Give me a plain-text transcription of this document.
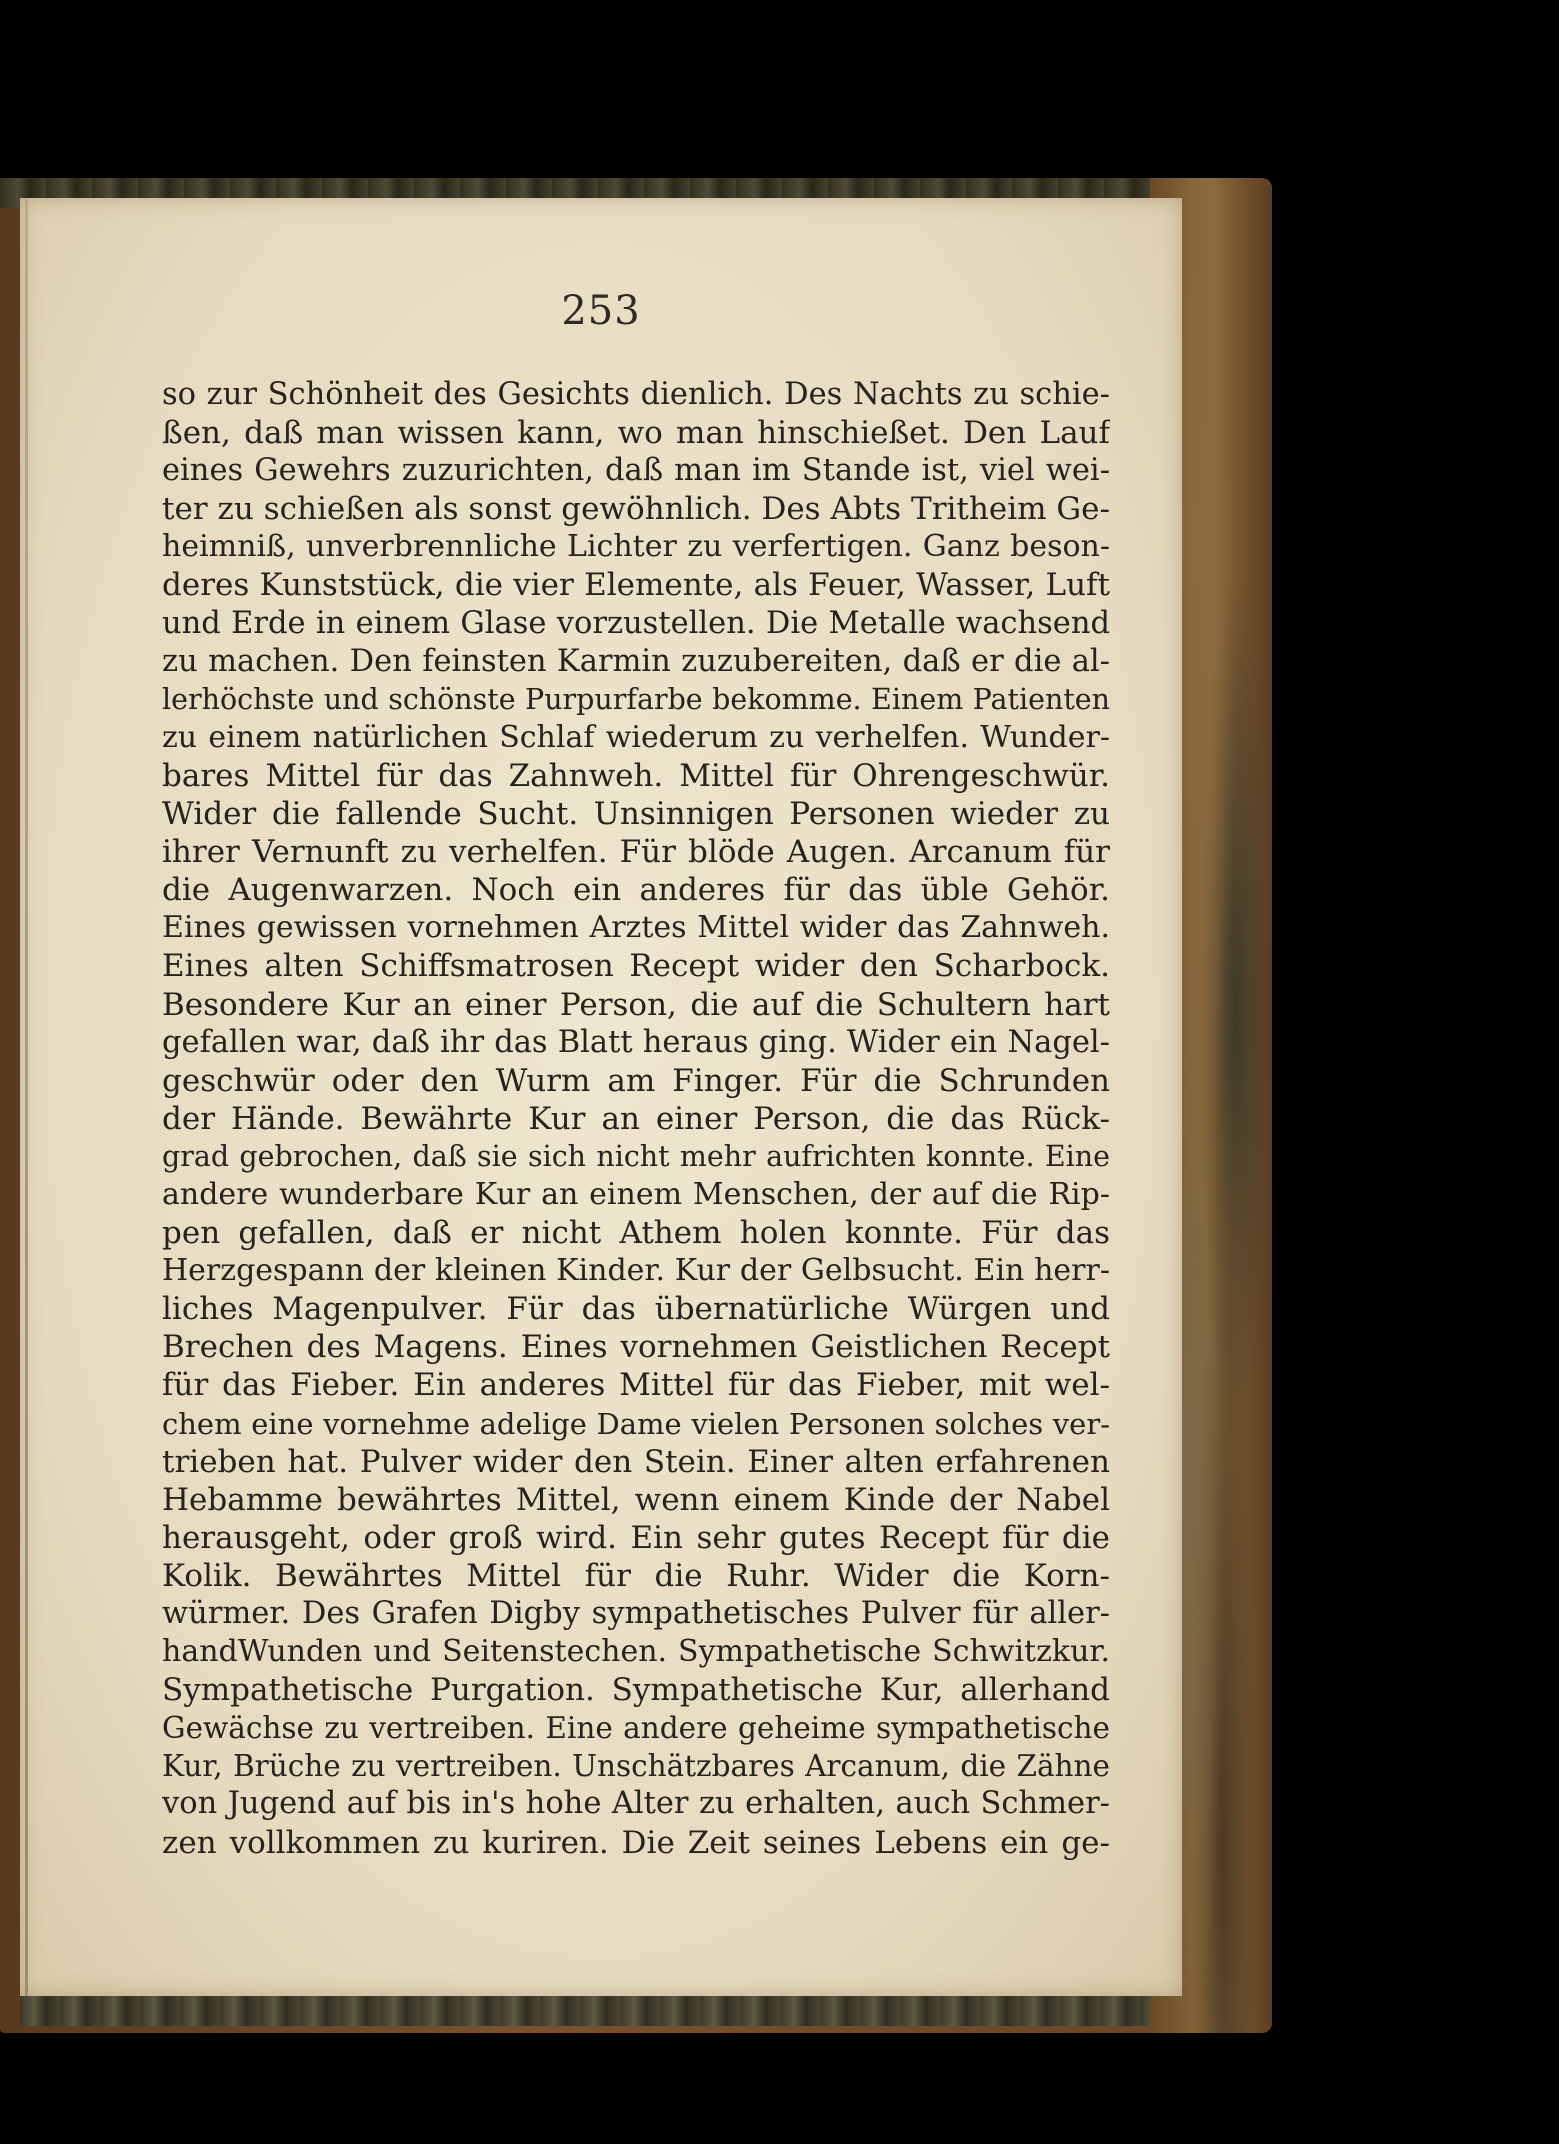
253
so zur Schönheit des Gesichts dienlich. Des Nachts zu schie-
ßen, daß man wissen kann, wo man hinschießet. Den Lauf
eines Gewehrs zuzurichten, daß man im Stande ist, viel wei-
ter zu schießen als sonst gewöhnlich. Des Abts Tritheim Ge-
heimniß, unverbrennliche Lichter zu verfertigen. Ganz beson-
deres Kunststück, die vier Elemente, als Feuer, Wasser, Luft
und Erde in einem Glase vorzustellen. Die Metalle wachsend
zu machen. Den feinsten Karmin zuzubereiten, daß er die al-
lerhöchste und schönste Purpurfarbe bekomme. Einem Patienten
zu einem natürlichen Schlaf wiederum zu verhelfen. Wunder-
bares Mittel für das Zahnweh. Mittel für Ohrengeschwür.
Wider die fallende Sucht. Unsinnigen Personen wieder zu
ihrer Vernunft zu verhelfen. Für blöde Augen. Arcanum für
die Augenwarzen. Noch ein anderes für das üble Gehör.
Eines gewissen vornehmen Arztes Mittel wider das Zahnweh.
Eines alten Schiffsmatrosen Recept wider den Scharbock.
Besondere Kur an einer Person, die auf die Schultern hart
gefallen war, daß ihr das Blatt heraus ging. Wider ein Nagel-
geschwür oder den Wurm am Finger. Für die Schrunden
der Hände. Bewährte Kur an einer Person, die das Rück-
grad gebrochen, daß sie sich nicht mehr aufrichten konnte. Eine
andere wunderbare Kur an einem Menschen, der auf die Rip-
pen gefallen, daß er nicht Athem holen konnte. Für das
Herzgespann der kleinen Kinder. Kur der Gelbsucht. Ein herr-
liches Magenpulver. Für das übernatürliche Würgen und
Brechen des Magens. Eines vornehmen Geistlichen Recept
für das Fieber. Ein anderes Mittel für das Fieber, mit wel-
chem eine vornehme adelige Dame vielen Personen solches ver-
trieben hat. Pulver wider den Stein. Einer alten erfahrenen
Hebamme bewährtes Mittel, wenn einem Kinde der Nabel
herausgeht, oder groß wird. Ein sehr gutes Recept für die
Kolik. Bewährtes Mittel für die Ruhr. Wider die Korn-
würmer. Des Grafen Digby sympathetisches Pulver für aller-
handWunden und Seitenstechen. Sympathetische Schwitzkur.
Sympathetische Purgation. Sympathetische Kur, allerhand
Gewächse zu vertreiben. Eine andere geheime sympathetische
Kur, Brüche zu vertreiben. Unschätzbares Arcanum, die Zähne
von Jugend auf bis in's hohe Alter zu erhalten, auch Schmer-
zen vollkommen zu kuriren. Die Zeit seines Lebens ein ge-
